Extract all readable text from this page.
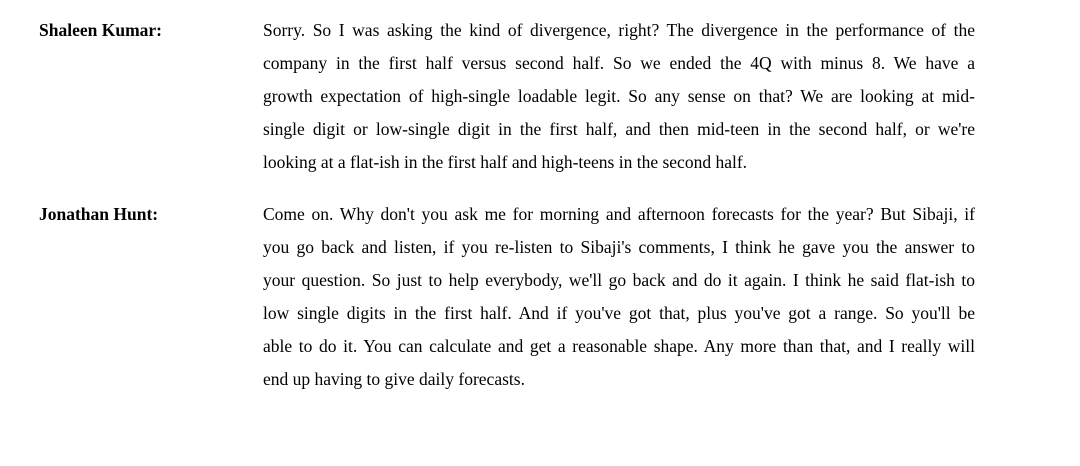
Shaleen Kumar:	Sorry. So I was asking the kind of divergence, right? The divergence in the performance of the
company in the first half versus second half. So we ended the 4Q with minus 8. We have a
growth expectation of high-single loadable legit. So any sense on that? We are looking at mid-
single digit or low-single digit in the first half, and then mid-teen in the second half, or we're
looking at a flat-ish in the first half and high-teens in the second half.
Jonathan Hunt:	Come on. Why don't you ask me for morning and afternoon forecasts for the year? But Sibaji, if
you go back and listen, if you re-listen to Sibaji's comments, I think he gave you the answer to
your question. So just to help everybody, we'll go back and do it again. I think he said flat-ish to
low single digits in the first half. And if you've got that, plus you've got a range. So you'll be
able to do it. You can calculate and get a reasonable shape. Any more than that, and I really will
end up having to give daily forecasts.
